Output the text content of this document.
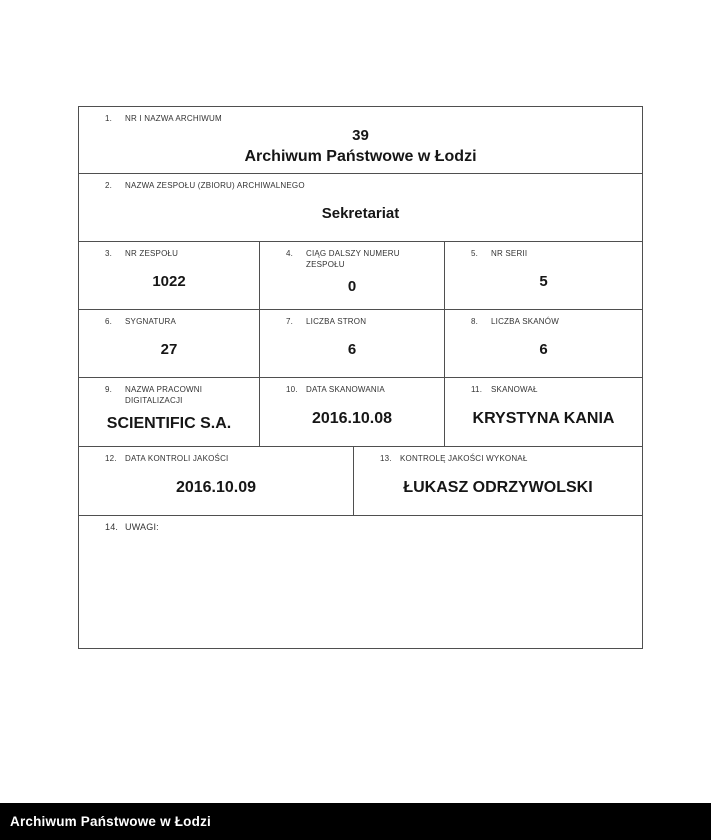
1.	NR I NAZWA ARCHIWUM
39
Archiwum Państwowe w Łodzi
2.	NAZWA ZESPOŁU (ZBIORU) ARCHIWALNEGO
Sekretariat
3.	NR ZESPOŁU
1022
4.	CIĄG DALSZY NUMERU ZESPOŁU
0
5.	NR SERII
5
6.	SYGNATURA
27
7.	LICZBA STRON
6
8.	LICZBA SKANÓW
6
9.	NAZWA PRACOWNI DIGITALIZACJI
SCIENTIFIC S.A.
10.	DATA SKANOWANIA
2016.10.08
11.	SKANOWAŁ
KRYSTYNA KANIA
12.	DATA KONTROLI JAKOŚCI
2016.10.09
13.	KONTROLĘ JAKOŚCI WYKONAŁ
ŁUKASZ ODRZYWOLSKI
14. UWAGI:
Archiwum Państwowe w Łodzi
